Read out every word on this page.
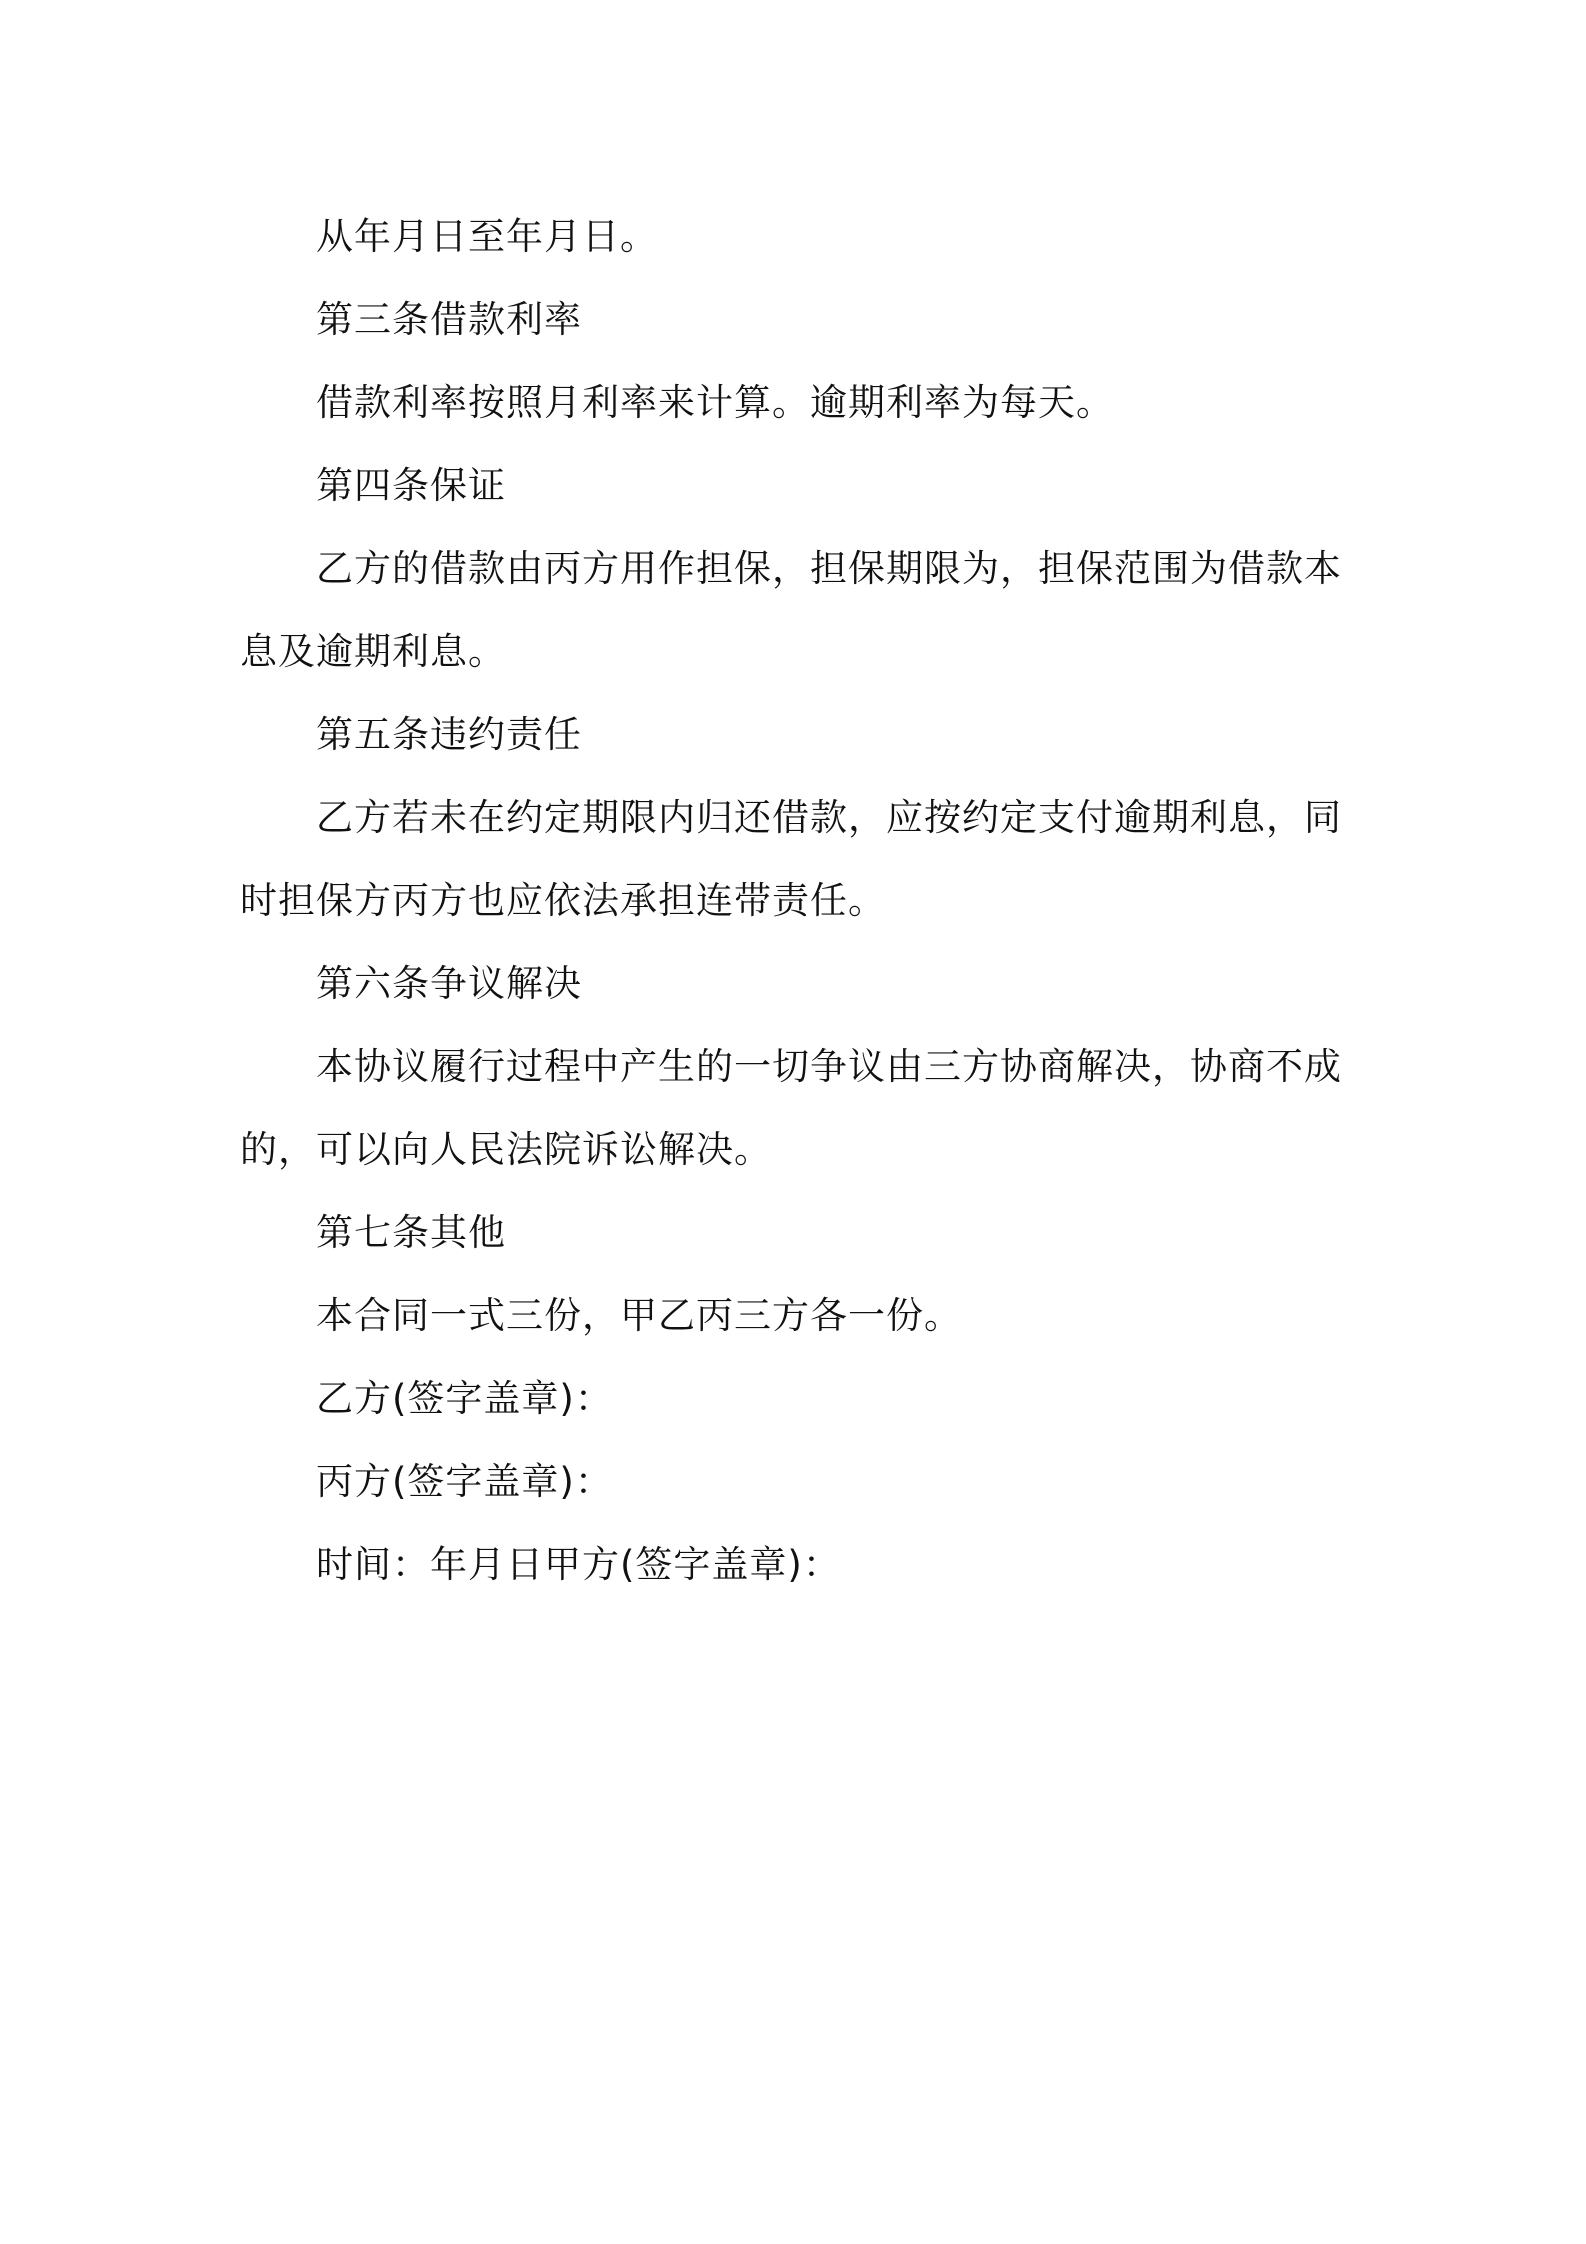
从年月日至年月日。

第三条借款利率

借款利率按照月利率来计算。逾期利率为每天。

第四条保证

乙方的借款由丙方用作担保，担保期限为，担保范围为借款本息及逾期利息。

第五条违约责任

乙方若未在约定期限内归还借款，应按约定支付逾期利息，同时担保方丙方也应依法承担连带责任。

第六条争议解决

本协议履行过程中产生的一切争议由三方协商解决，协商不成的，可以向人民法院诉讼解决。

第七条其他

本合同一式三份，甲乙丙三方各一份。

乙方(签字盖章)：

丙方(签字盖章)：

时间：年月日甲方(签字盖章)：
